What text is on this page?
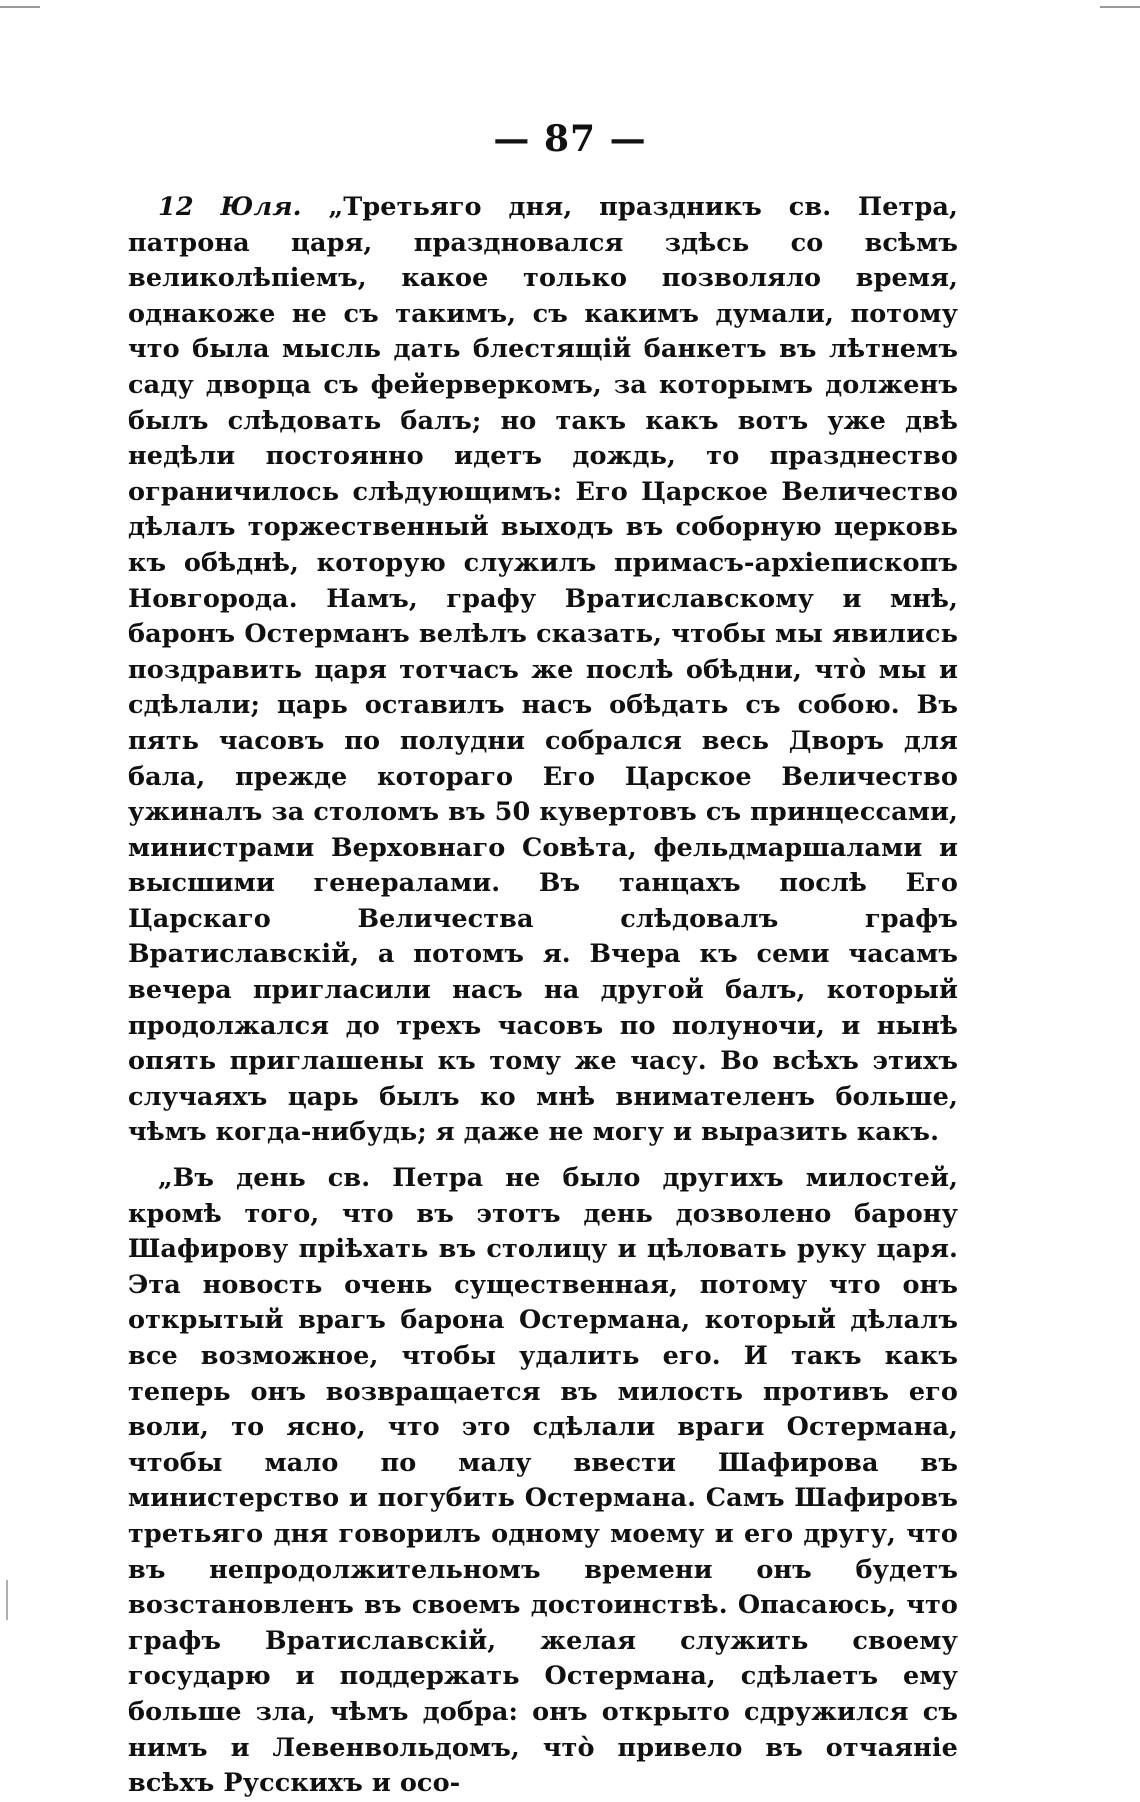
— 87 —

12 Юля. „Третьяго дня, праздникъ св. Петра, патрона царя, праздновался здѣсь со всѣмъ великолѣпіемъ, какое только позволяло время, однакоже не съ такимъ, съ какимъ думали, потому что была мысль дать блестящій банкетъ въ лѣтнемъ саду дворца съ фейерверкомъ, за которымъ долженъ былъ слѣдовать балъ; но такъ какъ вотъ уже двѣ недѣли постоянно идетъ дождь, то празднество ограничилось слѣдующимъ: Его Царское Величество дѣлалъ торжественный выходъ въ соборную церковь къ обѣднѣ, которую служилъ примасъ-архіепископъ Новгорода. Намъ, графу Вратиславскому и мнѣ, баронъ Остерманъ велѣлъ сказать, чтобы мы явились поздравить царя тотчасъ же послѣ обѣдни, что̀ мы и сдѣлали; царь оставилъ насъ обѣдать съ собою. Въ пять часовъ по полудни собрался весь Дворъ для бала, прежде котораго Его Царское Величество ужиналъ за столомъ въ 50 кувертовъ съ принцессами, министрами Верховнаго Совѣта, фельдмаршалами и высшими генералами. Въ танцахъ послѣ Его Царскаго Величества слѣдовалъ графъ Вратиславскій, а потомъ я. Вчера къ семи часамъ вечера пригласили насъ на другой балъ, который продолжался до трехъ часовъ по полуночи, и нынѣ опять приглашены къ тому же часу. Во всѣхъ этихъ случаяхъ царь былъ ко мнѣ внимателенъ больше, чѣмъ когда-нибудь; я даже не могу и выразить какъ.

„Въ день св. Петра не было другихъ милостей, кромѣ того, что въ этотъ день дозволено барону Шафирову пріѣхать въ столицу и цѣловать руку царя. Эта новость очень существенная, потому что онъ открытый врагъ барона Остермана, который дѣлалъ все возможное, чтобы удалить его. И такъ какъ теперь онъ возвращается въ милость противъ его воли, то ясно, что это сдѣлали враги Остермана, чтобы мало по малу ввести Шафирова въ министерство и погубить Остермана. Самъ Шафировъ третьяго дня говорилъ одному моему и его другу, что въ непродолжительномъ времени онъ будетъ возстановленъ въ своемъ достоинствѣ. Опасаюсь, что графъ Вратиславскій, желая служить своему государю и поддержать Остермана, сдѣлаетъ ему больше зла, чѣмъ добра: онъ открыто сдружился съ нимъ и Левенвольдомъ, что̀ привело въ отчаяніе всѣхъ Русскихъ и осо-
